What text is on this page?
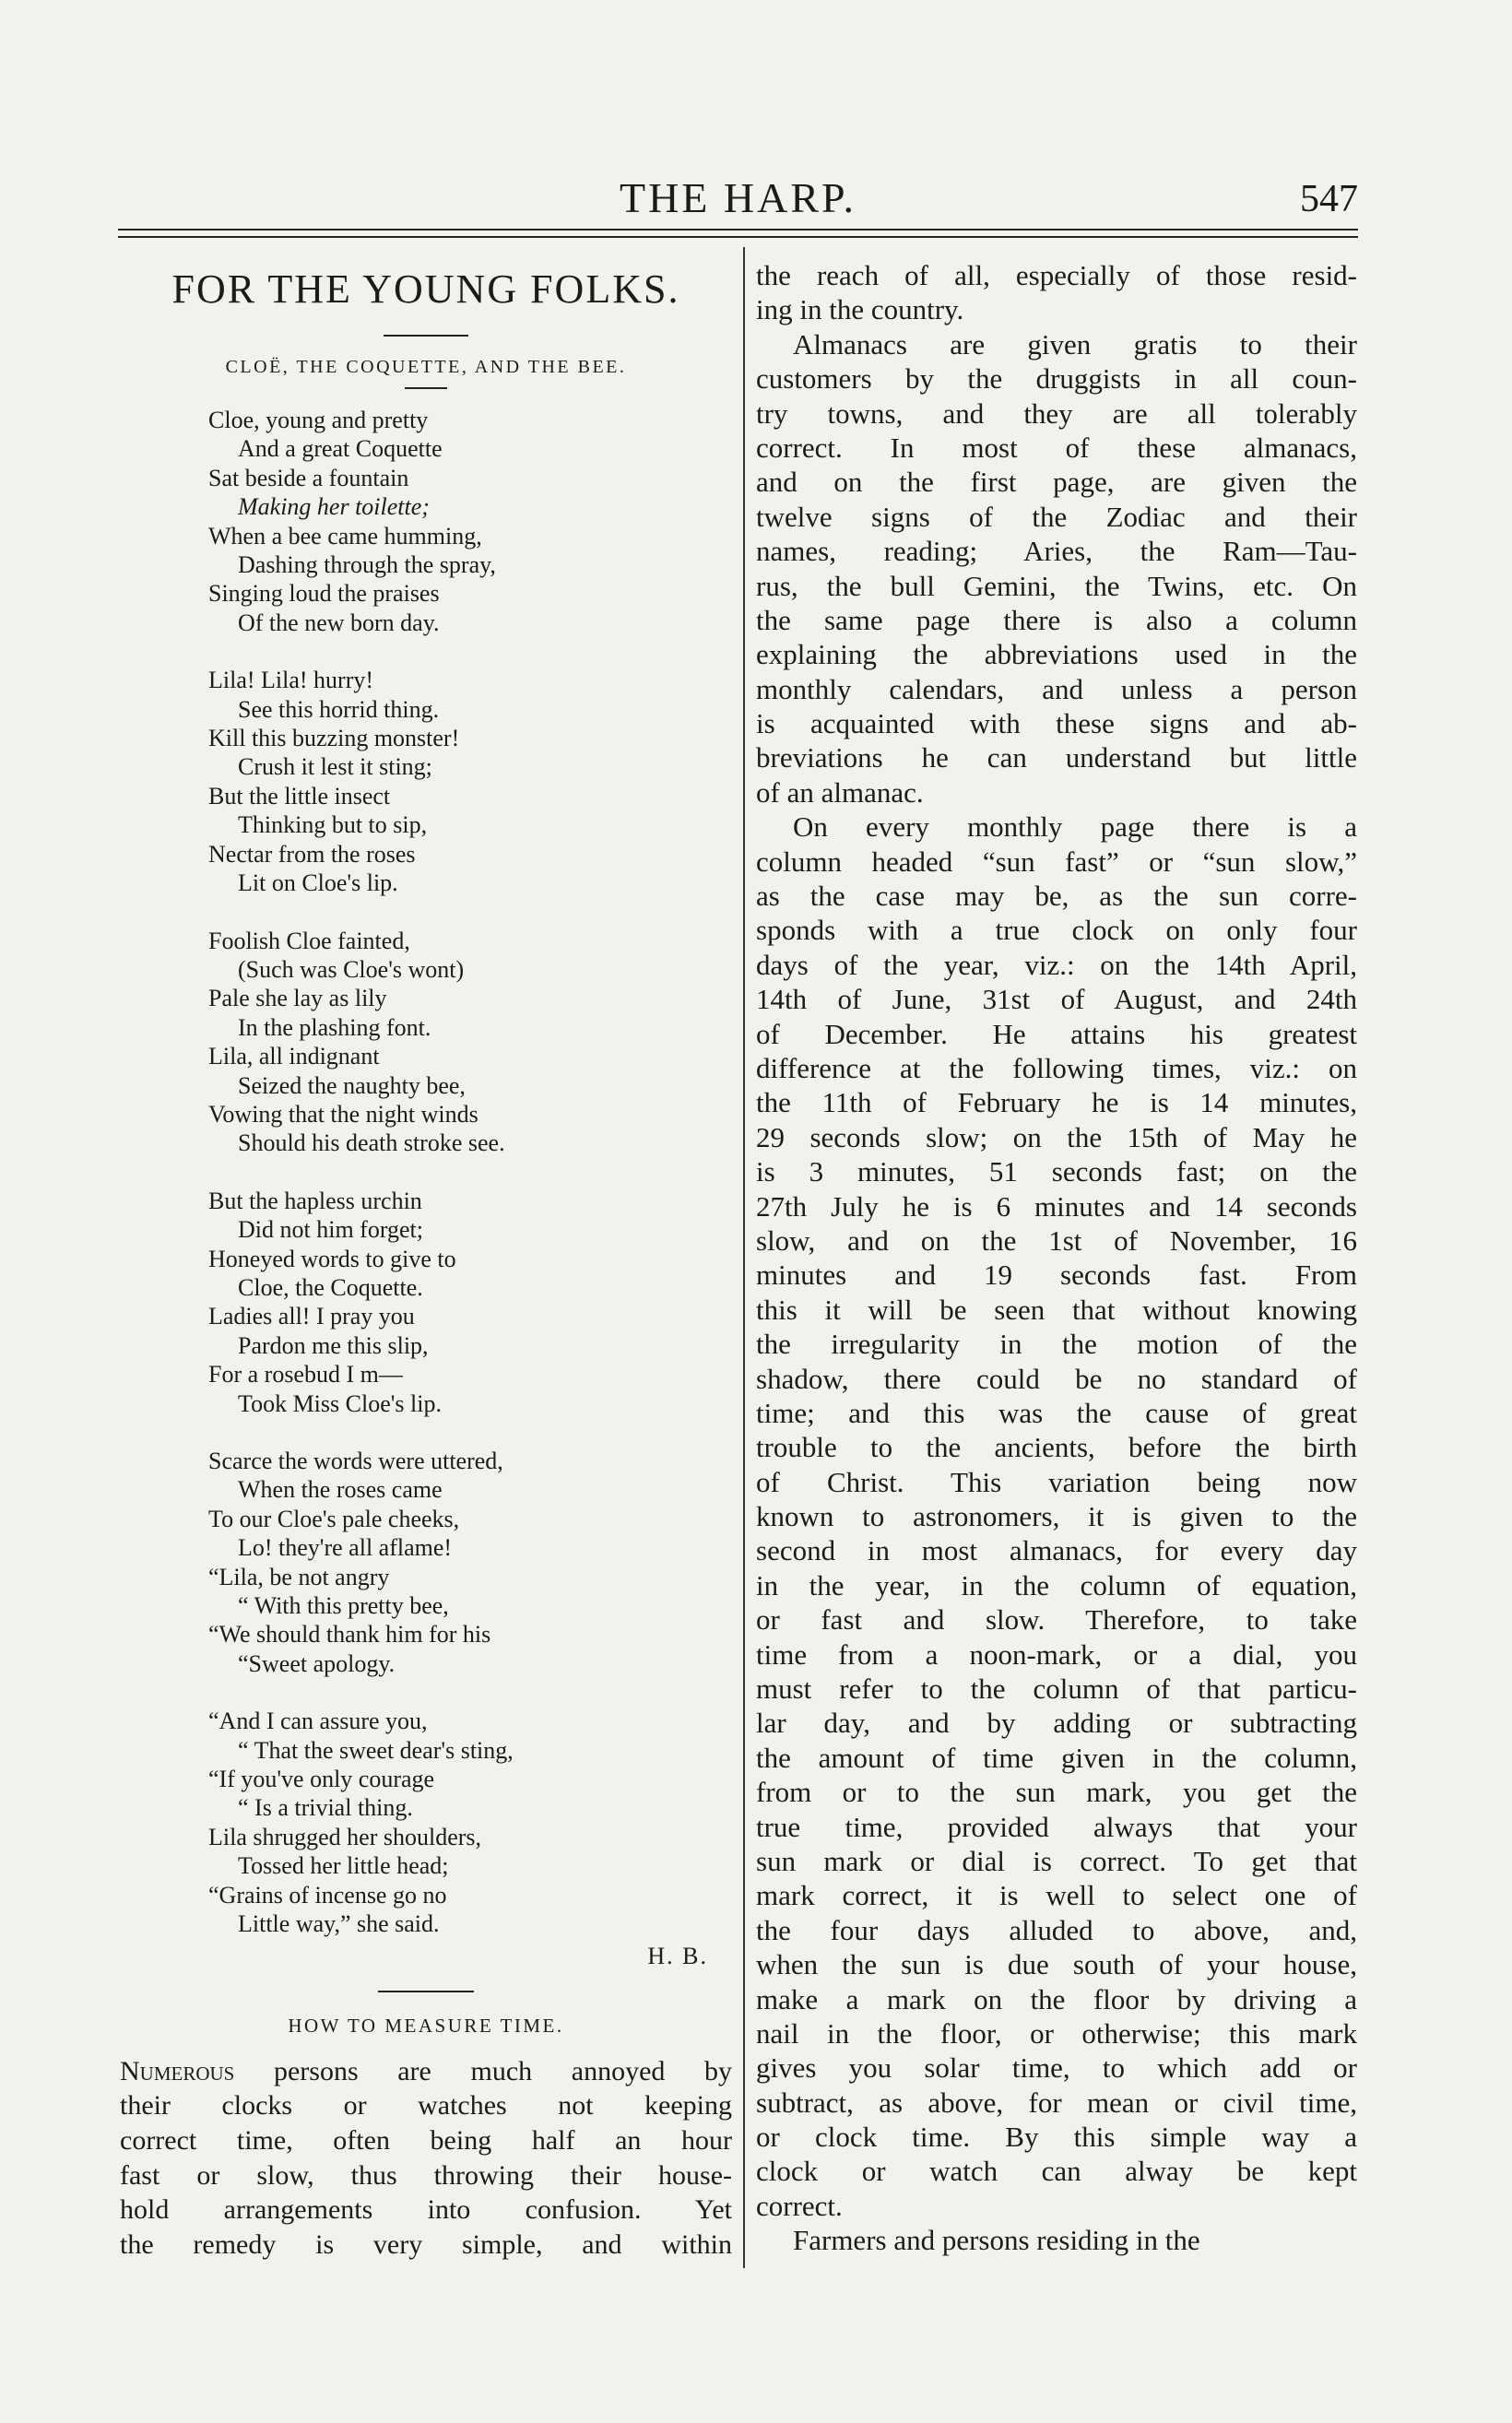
THE HARP.	547
FOR THE YOUNG FOLKS.
CLOË, THE COQUETTE, AND THE BEE.
Cloe, young and pretty
And a great Coquette
Sat beside a fountain
Making her toilette;
When a bee came humming,
Dashing through the spray,
Singing loud the praises
Of the new born day.
Lila! Lila! hurry!
See this horrid thing.
Kill this buzzing monster!
Crush it lest it sting;
But the little insect
Thinking but to sip,
Nectar from the roses
Lit on Cloe's lip.
Foolish Cloe fainted,
(Such was Cloe's wont)
Pale she lay as lily
In the plashing font.
Lila, all indignant
Seized the naughty bee,
Vowing that the night winds
Should his death stroke see.
But the hapless urchin
Did not him forget;
Honeyed words to give to
Cloe, the Coquette.
Ladies all! I pray you
Pardon me this slip,
For a rosebud I m—
Took Miss Cloe's lip.
Scarce the words were uttered,
When the roses came
To our Cloe's pale cheeks,
Lo! they're all aflame!
“Lila, be not angry
“ With this pretty bee,
“We should thank him for his
“Sweet apology.
“And I can assure you,
“ That the sweet dear's sting,
“If you've only courage
“ Is a trivial thing.
Lila shrugged her shoulders,
Tossed her little head;
“Grains of incense go no
Little way,” she said.
H. B.
HOW TO MEASURE TIME.
Numerous persons are much annoyed by
their clocks or watches not keeping
correct time, often being half an hour
fast or slow, thus throwing their house-
hold arrangements into confusion. Yet
the remedy is very simple, and within
the reach of all, especially of those resid-
ing in the country.
Almanacs are given gratis to their
customers by the druggists in all coun-
try towns, and they are all tolerably
correct. In most of these almanacs,
and on the first page, are given the
twelve signs of the Zodiac and their
names, reading; Aries, the Ram—Tau-
rus, the bull Gemini, the Twins, etc. On
the same page there is also a column
explaining the abbreviations used in the
monthly calendars, and unless a person
is acquainted with these signs and ab-
breviations he can understand but little
of an almanac.
On every monthly page there is a
column headed “sun fast” or “sun slow,”
as the case may be, as the sun corre-
sponds with a true clock on only four
days of the year, viz.: on the 14th April,
14th of June, 31st of August, and 24th
of December. He attains his greatest
difference at the following times, viz.: on
the 11th of February he is 14 minutes,
29 seconds slow; on the 15th of May he
is 3 minutes, 51 seconds fast; on the
27th July he is 6 minutes and 14 seconds
slow, and on the 1st of November, 16
minutes and 19 seconds fast. From
this it will be seen that without knowing
the irregularity in the motion of the
shadow, there could be no standard of
time; and this was the cause of great
trouble to the ancients, before the birth
of Christ. This variation being now
known to astronomers, it is given to the
second in most almanacs, for every day
in the year, in the column of equation,
or fast and slow. Therefore, to take
time from a noon-mark, or a dial, you
must refer to the column of that particu-
lar day, and by adding or subtracting
the amount of time given in the column,
from or to the sun mark, you get the
true time, provided always that your
sun mark or dial is correct. To get that
mark correct, it is well to select one of
the four days alluded to above, and,
when the sun is due south of your house,
make a mark on the floor by driving a
nail in the floor, or otherwise; this mark
gives you solar time, to which add or
subtract, as above, for mean or civil time,
or clock time. By this simple way a
clock or watch can alway be kept
correct.
Farmers and persons residing in the
